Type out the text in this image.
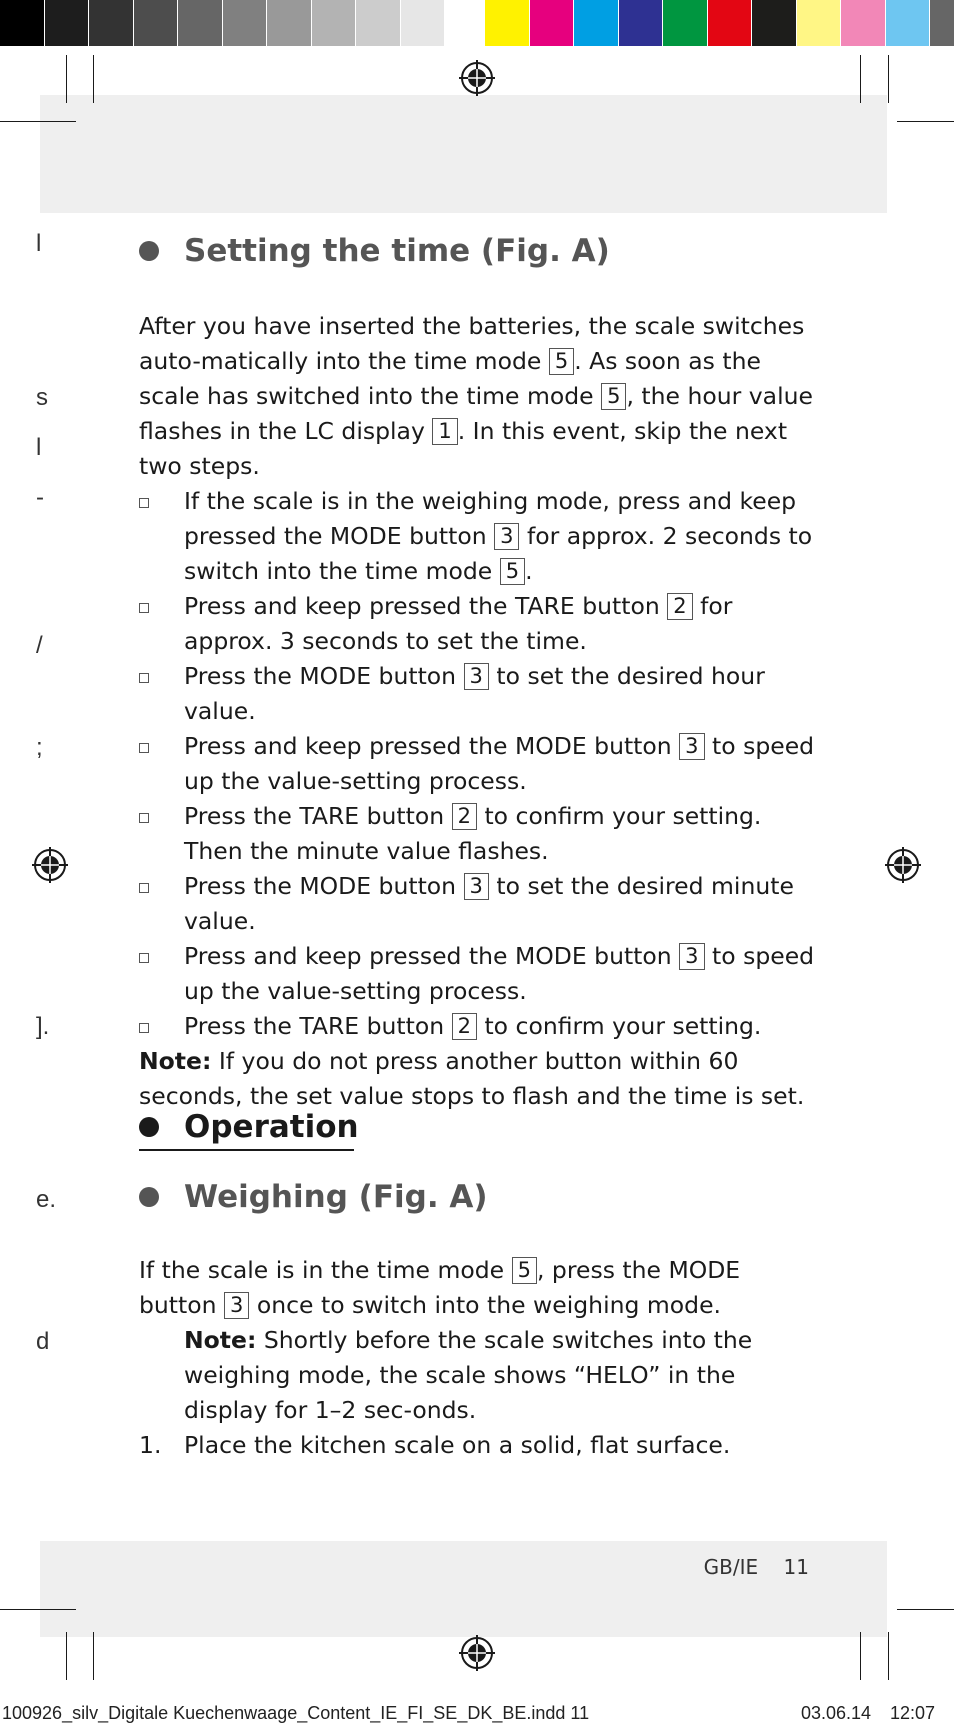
l
s
l
-
/
;
].
e.
d
Setting the time (Fig. A)
After you have inserted the batteries, the scale switches auto-matically into the time mode 5 . As soon as the scale has switched into the time mode 5 , the hour value flashes in the LC display 1 . In this event, skip the next two steps.
If the scale is in the weighing mode, press and keep pressed the MODE button 3 for approx. 2 seconds to switch into the time mode 5 .
Press and keep pressed the TARE button 2 for approx. 3 seconds to set the time.
Press the MODE button 3 to set the desired hour value.
Press and keep pressed the MODE button 3 to speed up the value-setting process.
Press the TARE button 2 to confirm your setting. Then the minute value flashes.
Press the MODE button 3 to set the desired minute value.
Press and keep pressed the MODE button 3 to speed up the value-setting process.
Press the TARE button 2 to confirm your setting.
Note: If you do not press another button within 60 seconds, the set value stops to flash and the time is set.
Operation
Weighing (Fig. A)
If the scale is in the time mode 5 , press the MODE button 3 once to switch into the weighing mode.
Note: Shortly before the scale switches into the weighing mode, the scale shows “HELO” in the display for 1–2 sec-onds.
1. Place the kitchen scale on a solid, flat surface.
GB/IE 11
100926_silv_Digitale Kuechenwaage_Content_IE_FI_SE_DK_BE.indd 11	03.06.14 12:07
